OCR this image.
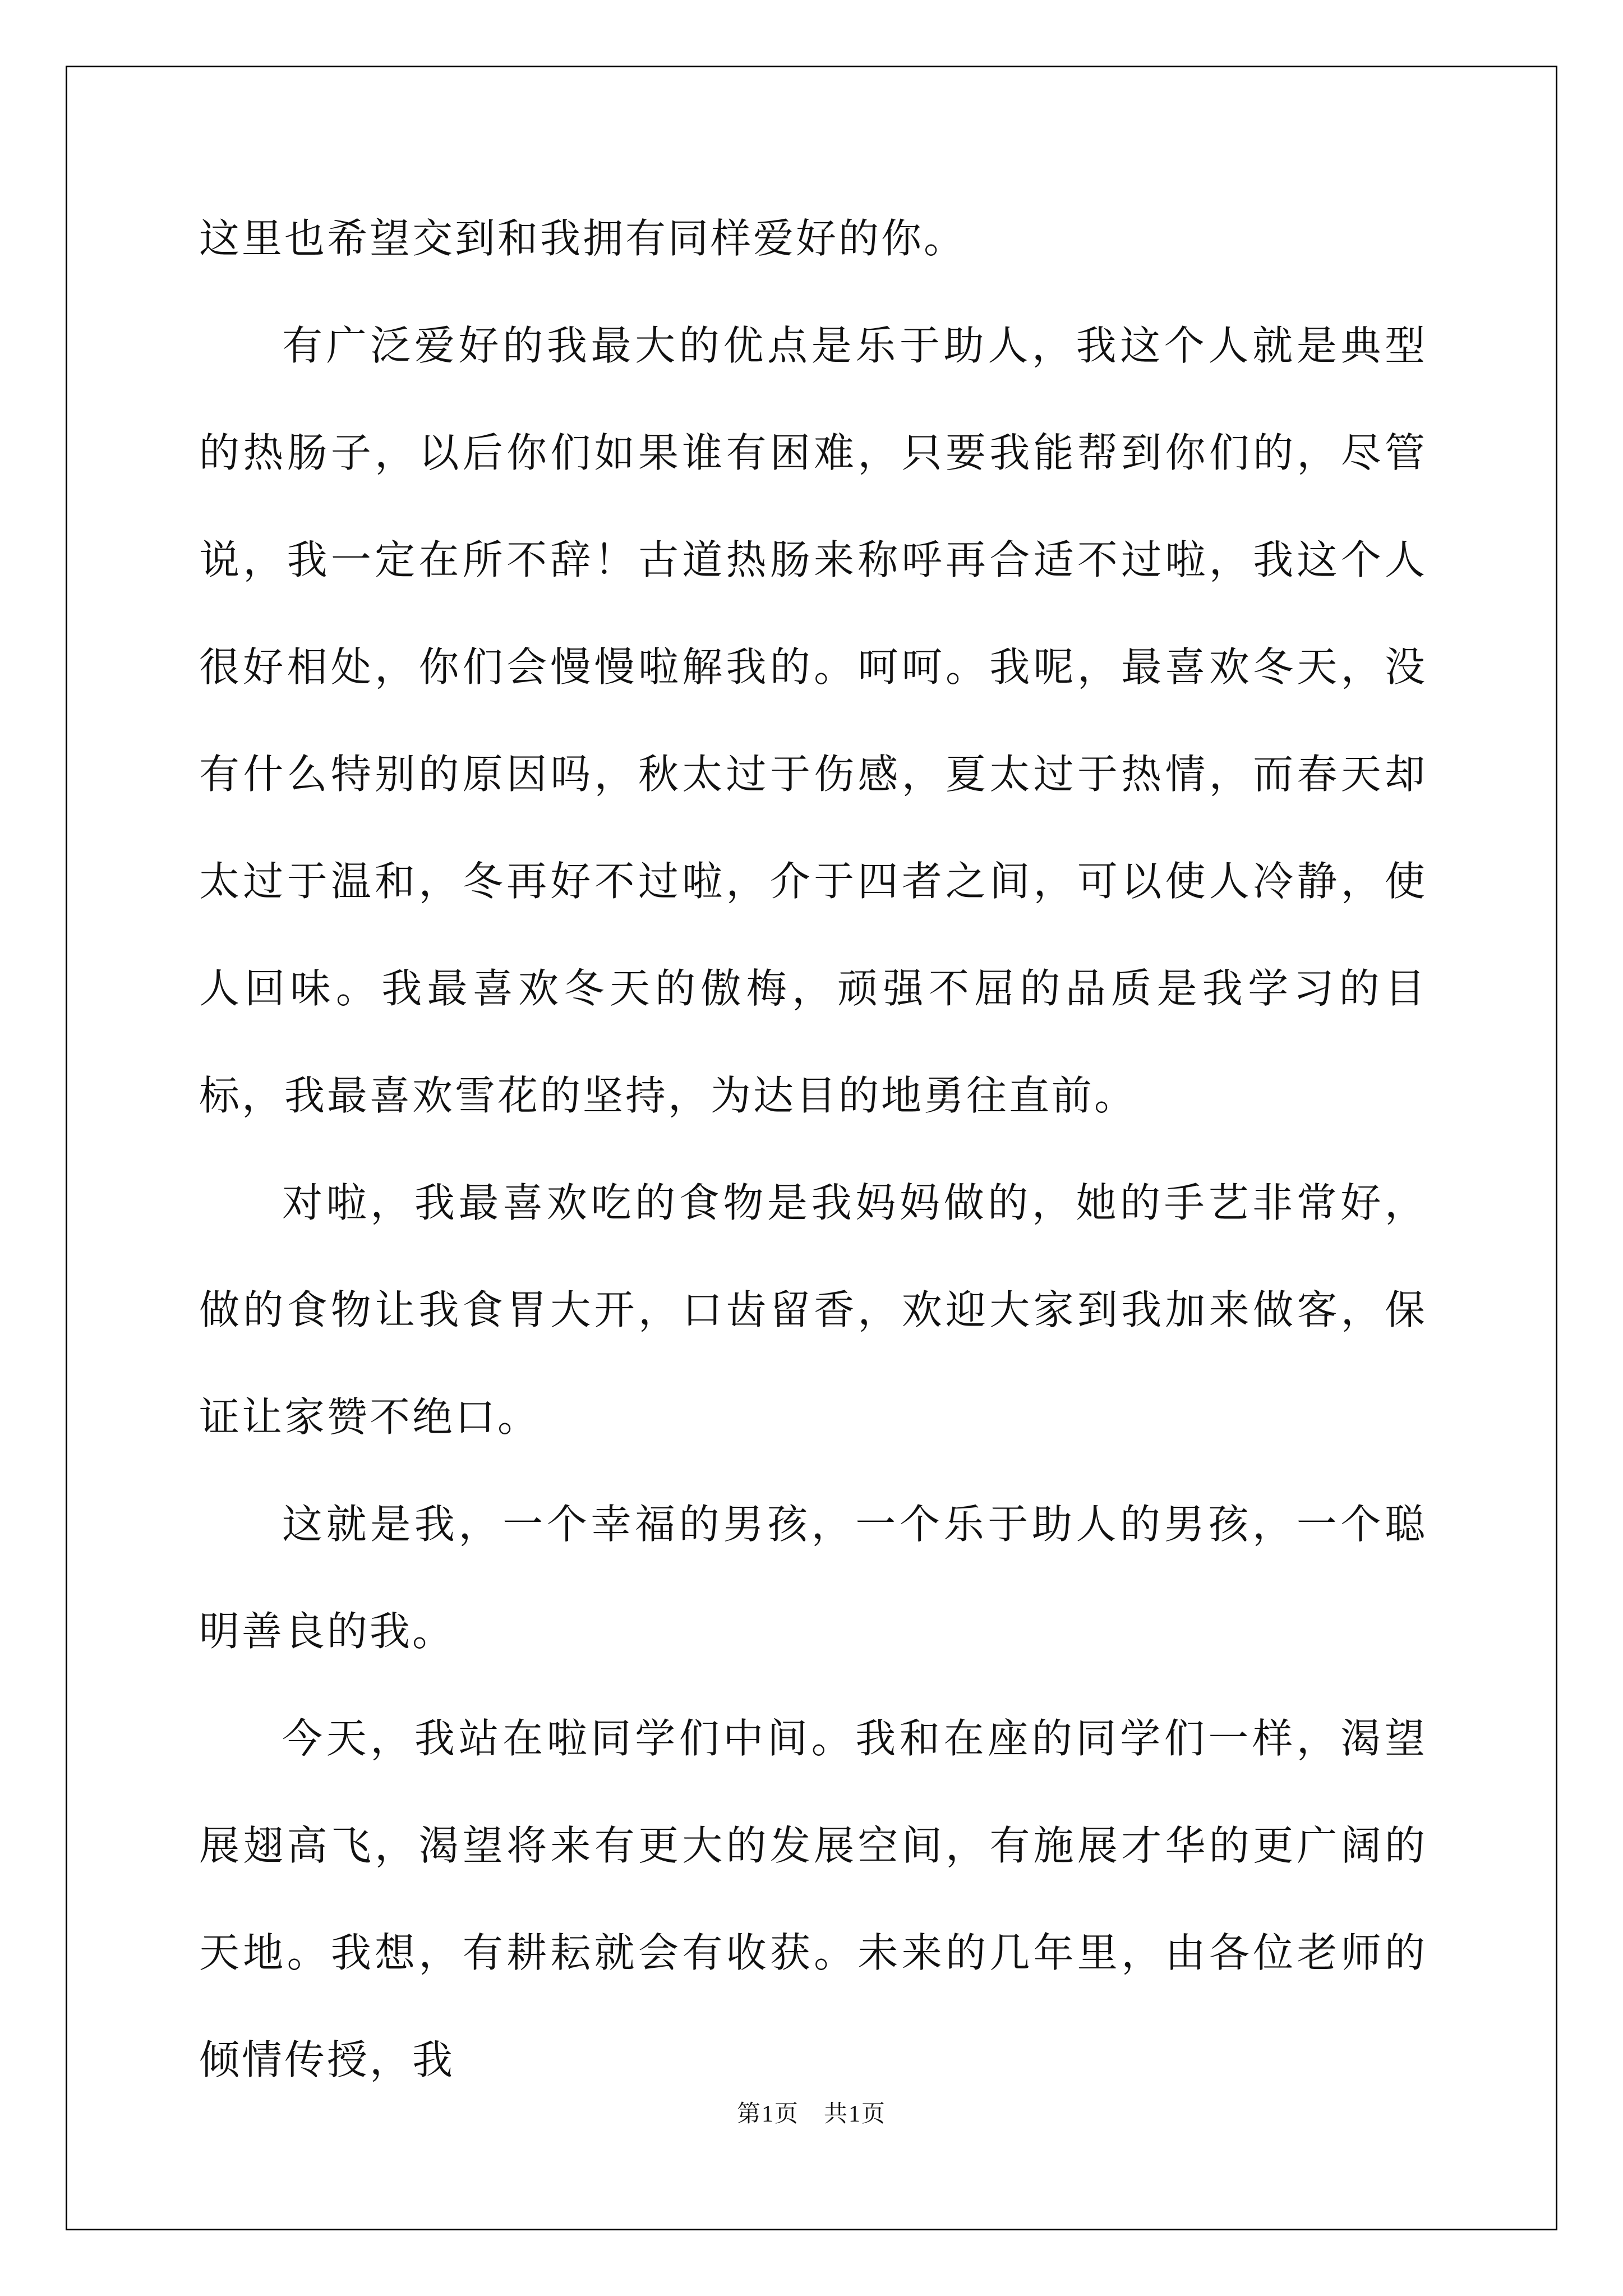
这里也希望交到和我拥有同样爱好的你。

有广泛爱好的我最大的优点是乐于助人，我这个人就是典型的热肠子，以后你们如果谁有困难，只要我能帮到你们的，尽管说，我一定在所不辞！古道热肠来称呼再合适不过啦，我这个人很好相处，你们会慢慢啦解我的。呵呵。我呢，最喜欢冬天，没有什么特别的原因吗，秋太过于伤感，夏太过于热情，而春天却太过于温和，冬再好不过啦，介于四者之间，可以使人冷静，使人回味。我最喜欢冬天的傲梅，顽强不屈的品质是我学习的目标，我最喜欢雪花的坚持，为达目的地勇往直前。

对啦，我最喜欢吃的食物是我妈妈做的，她的手艺非常好，做的食物让我食胃大开，口齿留香，欢迎大家到我加来做客，保证让家赞不绝口。

这就是我，一个幸福的男孩，一个乐于助人的男孩，一个聪明善良的我。

今天，我站在啦同学们中间。我和在座的同学们一样，渴望展翅高飞，渴望将来有更大的发展空间，有施展才华的更广阔的天地。我想，有耕耘就会有收获。未来的几年里，由各位老师的倾情传授，我

第1页　共1页
